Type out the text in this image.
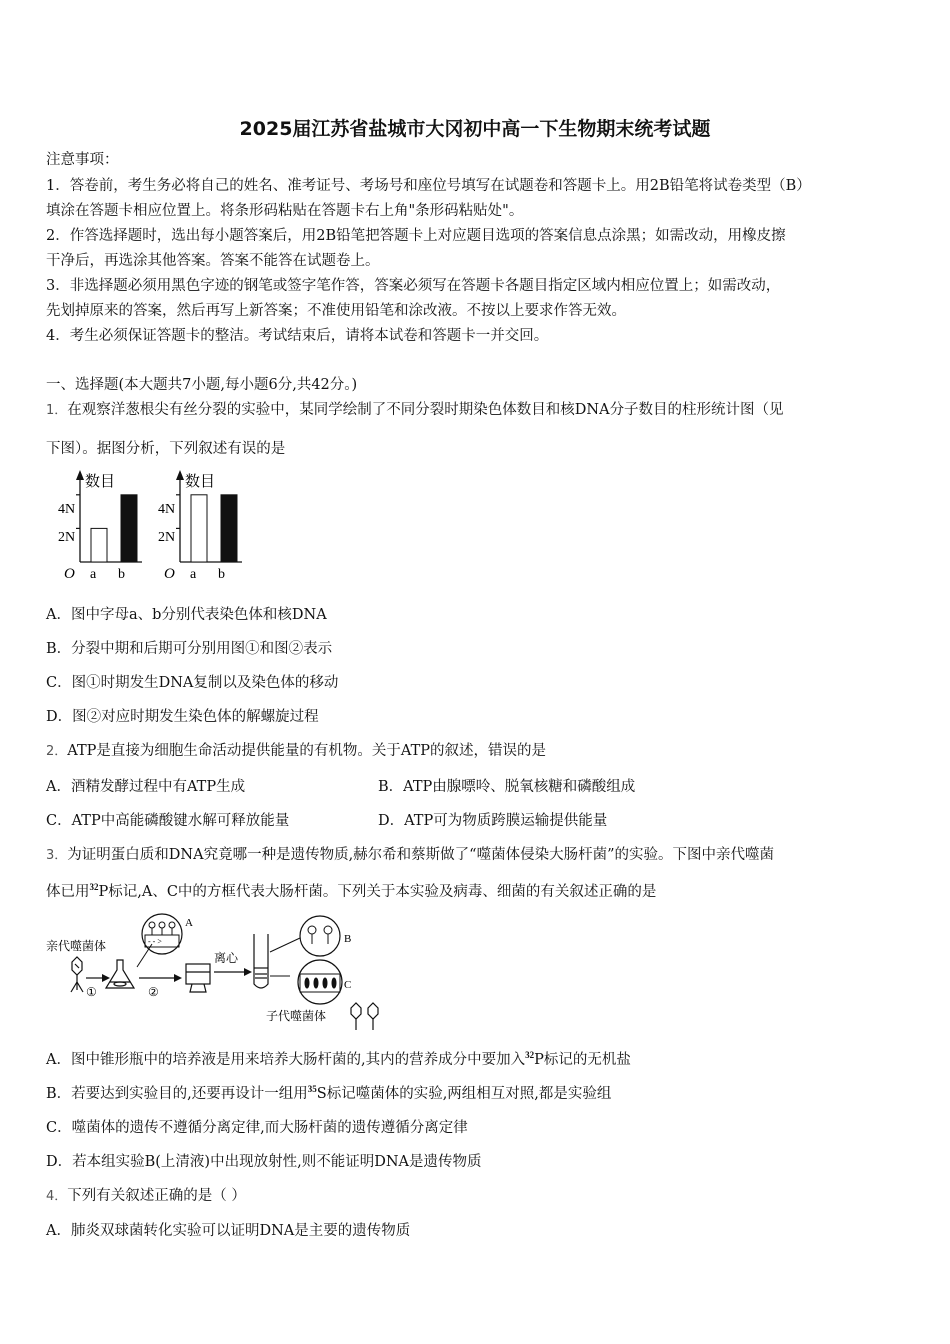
2025届江苏省盐城市大冈初中高一下生物期末统考试题
注意事项：
1．答卷前，考生务必将自己的姓名、准考证号、考场号和座位号填写在试题卷和答题卡上。用2B铅笔将试卷类型（B）
填涂在答题卡相应位置上。将条形码粘贴在答题卡右上角"条形码粘贴处"。
2．作答选择题时，选出每小题答案后，用2B铅笔把答题卡上对应题目选项的答案信息点涂黑；如需改动，用橡皮擦
干净后，再选涂其他答案。答案不能答在试题卷上。
3．非选择题必须用黑色字迹的钢笔或签字笔作答，答案必须写在答题卡各题目指定区域内相应位置上；如需改动，
先划掉原来的答案，然后再写上新答案；不准使用铅笔和涂改液。不按以上要求作答无效。
4．考生必须保证答题卡的整洁。考试结束后，请将本试卷和答题卡一并交回。
一、选择题(本大题共7小题,每小题6分,共42分。)
1．在观察洋葱根尖有丝分裂的实验中，某同学绘制了不同分裂时期染色体数目和核DNA分子数目的柱形统计图（见
下图）。据图分析，下列叙述有误的是
数目
4N
2N
O a b
数目
4N
2N
O a b
A．图中字母a、b分别代表染色体和核DNA
B．分裂中期和后期可分别用图①和图②表示
C．图①时期发生DNA复制以及染色体的移动
D．图②对应时期发生染色体的解螺旋过程
2．ATP是直接为细胞生命活动提供能量的有机物。关于ATP的叙述，错误的是
A．酒精发酵过程中有ATP生成	B．ATP由腺嘌呤、脱氧核糖和磷酸组成
C．ATP中高能磷酸键水解可释放能量	D．ATP可为物质跨膜运输提供能量
3．为证明蛋白质和DNA究竟哪一种是遗传物质,赫尔希和蔡斯做了“噬菌体侵染大肠杆菌”的实验。下图中亲代噬菌
体已用$^{32}$P标记,A、C中的方框代表大肠杆菌。下列关于本实验及病毒、细菌的有关叙述正确的是
亲代噬菌体
①	②
- - >
A
离心
B
C
子代噬菌体
A．图中锥形瓶中的培养液是用来培养大肠杆菌的,其内的营养成分中要加入$^{32}$P标记的无机盐
B．若要达到实验目的,还要再设计一组用$^{35}$S标记噬菌体的实验,两组相互对照,都是实验组
C．噬菌体的遗传不遵循分离定律,而大肠杆菌的遗传遵循分离定律
D．若本组实验B(上清液)中出现放射性,则不能证明DNA是遗传物质
4．下列有关叙述正确的是（ ）
A．肺炎双球菌转化实验可以证明DNA是主要的遗传物质
